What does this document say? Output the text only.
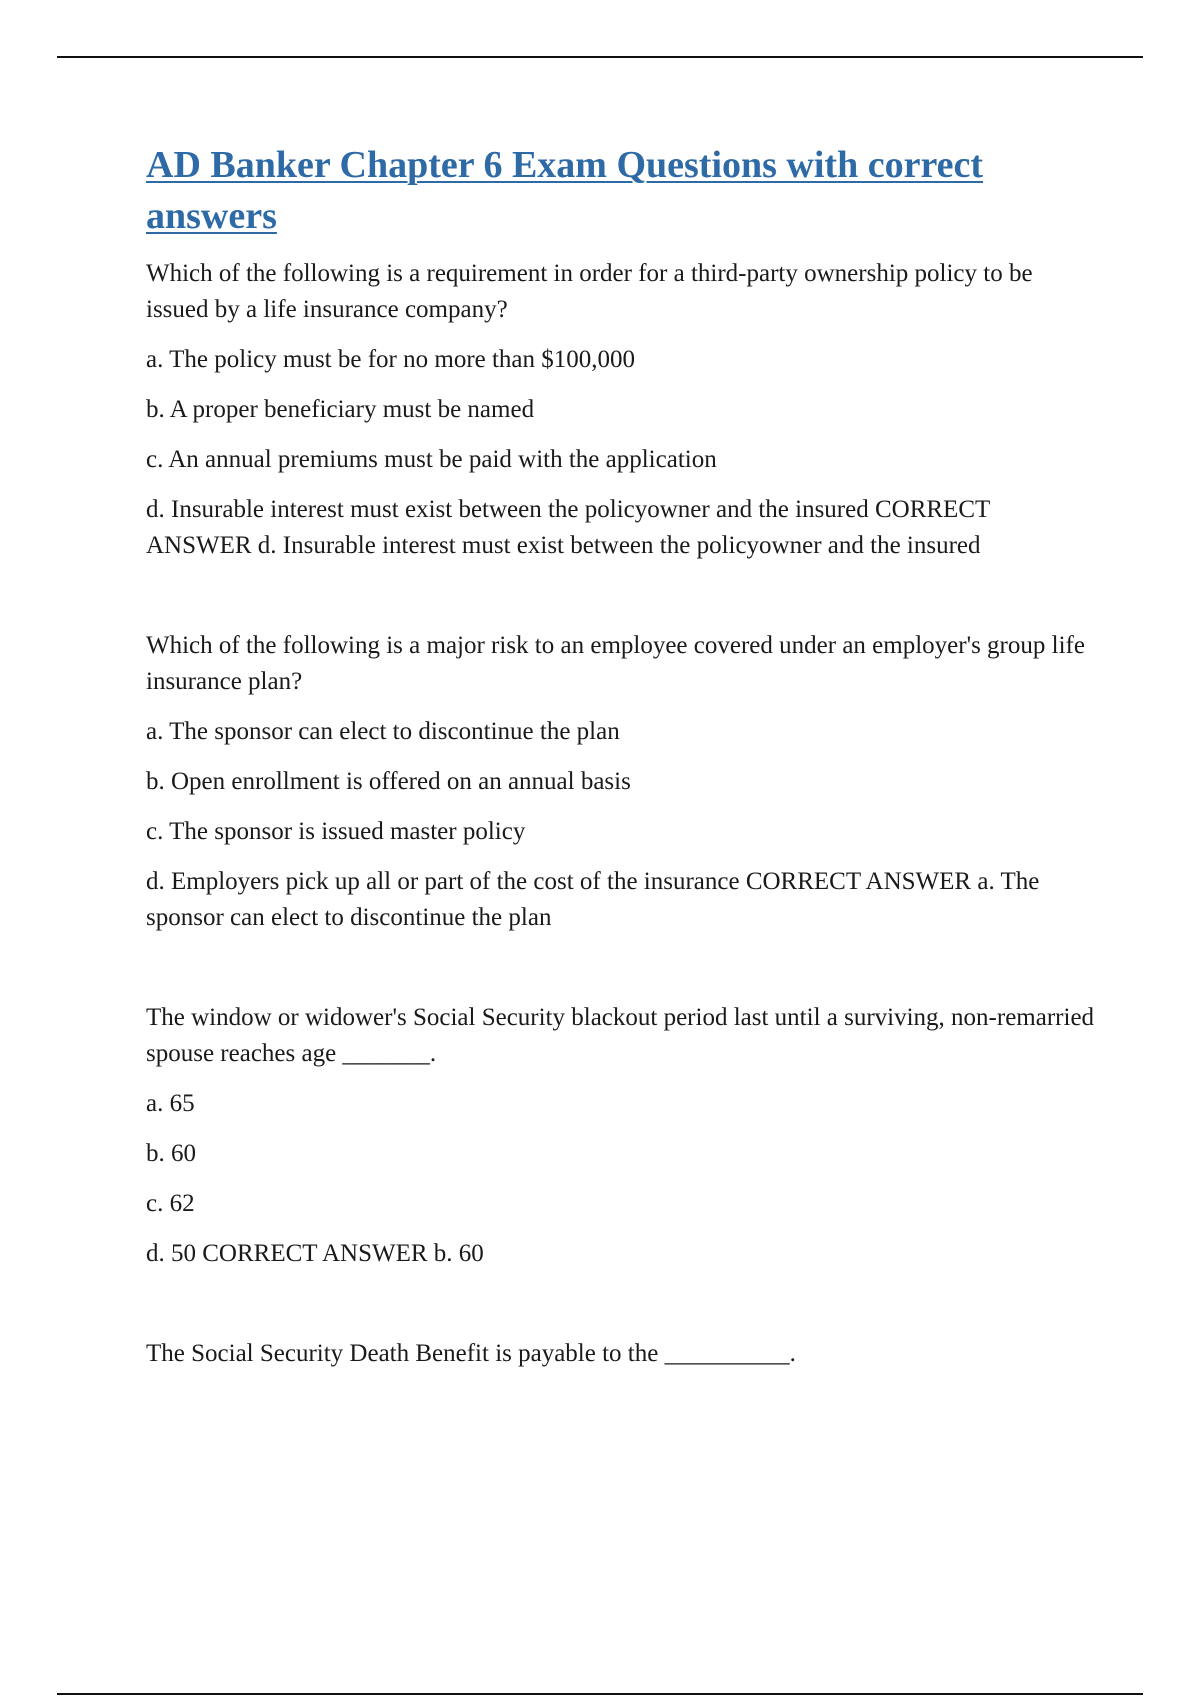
AD Banker Chapter 6 Exam Questions with correct answers

Which of the following is a requirement in order for a third-party ownership policy to be issued by a life insurance company?

a. The policy must be for no more than $100,000

b. A proper beneficiary must be named

c. An annual premiums must be paid with the application

d. Insurable interest must exist between the policyowner and the insured CORRECT ANSWER d. Insurable interest must exist between the policyowner and the insured

Which of the following is a major risk to an employee covered under an employer's group life insurance plan?

a. The sponsor can elect to discontinue the plan

b. Open enrollment is offered on an annual basis

c. The sponsor is issued master policy

d. Employers pick up all or part of the cost of the insurance CORRECT ANSWER a. The sponsor can elect to discontinue the plan

The window or widower's Social Security blackout period last until a surviving, non-remarried spouse reaches age _______.

a. 65

b. 60

c. 62

d. 50 CORRECT ANSWER b. 60

The Social Security Death Benefit is payable to the __________.
